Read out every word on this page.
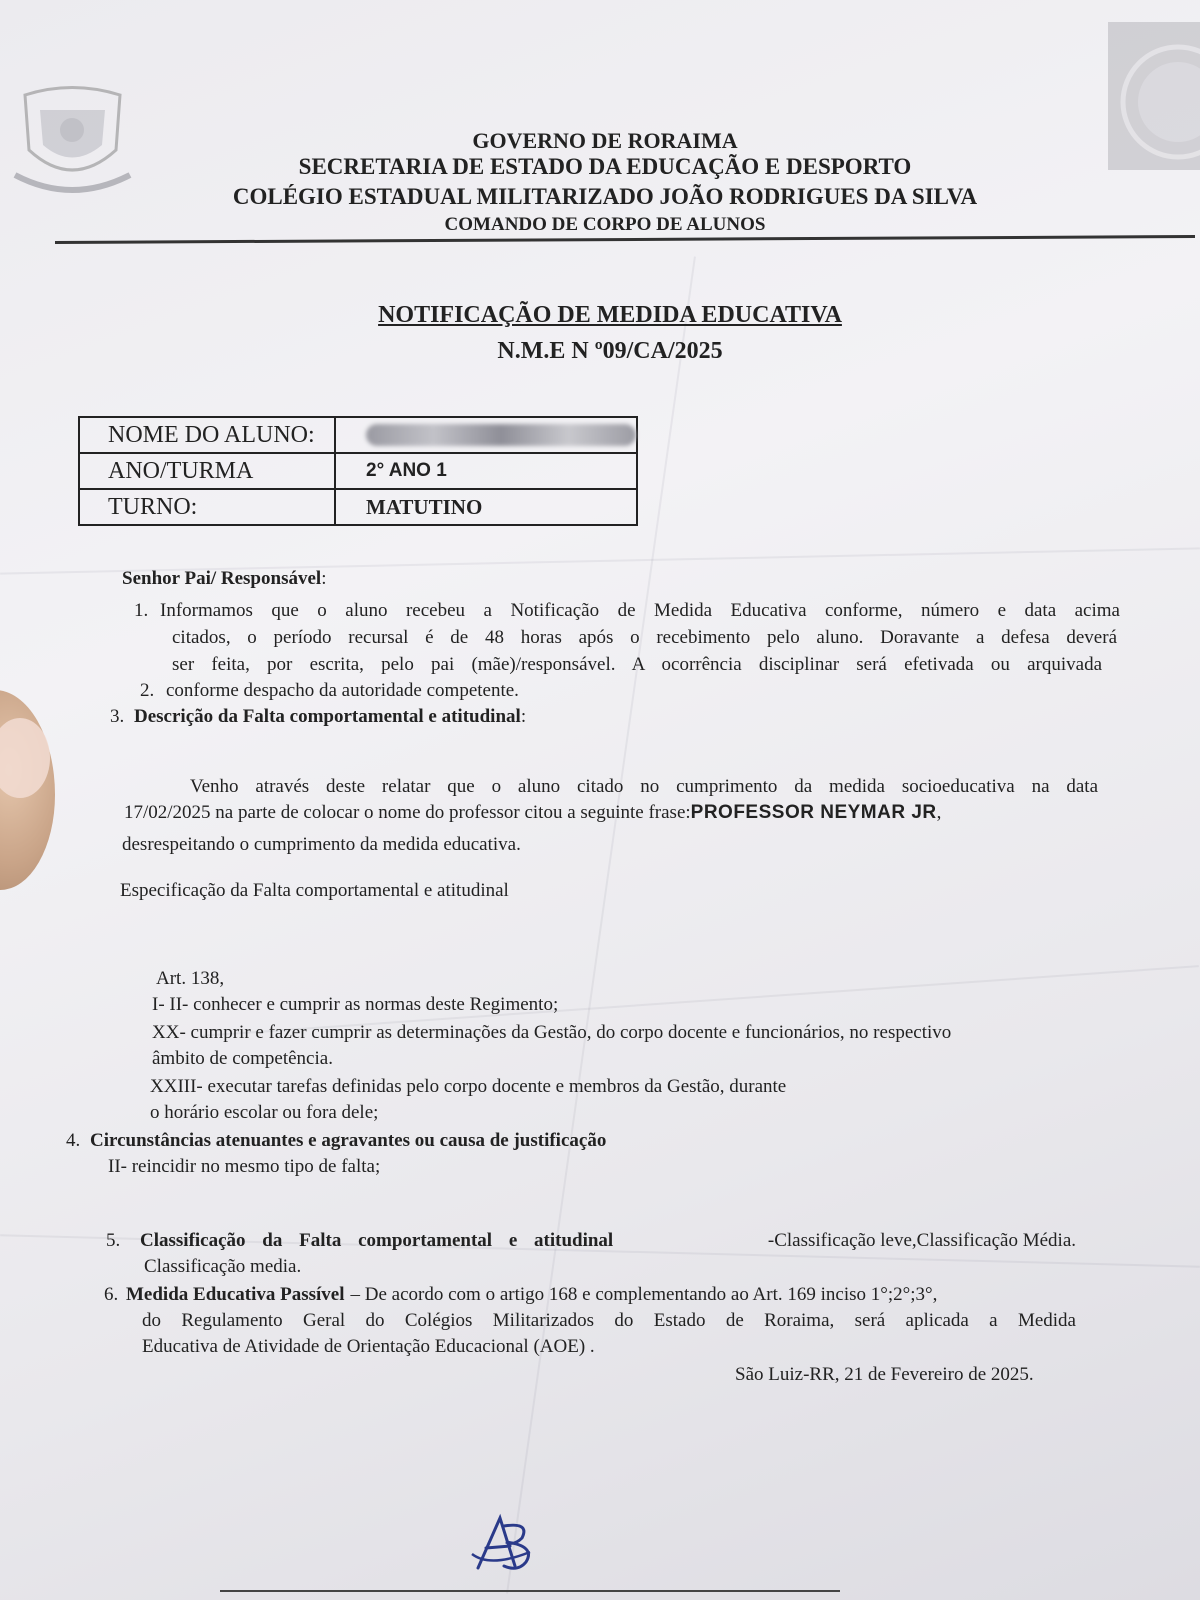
GOVERNO DE RORAIMA
SECRETARIA DE ESTADO DA EDUCAÇÃO E DESPORTO
COLÉGIO ESTADUAL MILITARIZADO JOÃO RODRIGUES DA SILVA
COMANDO DE CORPO DE ALUNOS
NOTIFICAÇÃO DE MEDIDA EDUCATIVA
N.M.E N º09/CA/2025
NOME DO ALUNO:	
ANO/TURMA	2° ANO 1
TURNO:	MATUTINO
Senhor Pai/ Responsável:
1. Informamos que o aluno recebeu a Notificação de Medida Educativa conforme, número e data acima
citados, o período recursal é de 48 horas após o recebimento pelo aluno. Doravante a defesa deverá
ser feita, por escrita, pelo pai (mãe)/responsável. A ocorrência disciplinar será efetivada ou arquivada
2. conforme despacho da autoridade competente.
3. Descrição da Falta comportamental e atitudinal:
Venho através deste relatar que o aluno citado no cumprimento da medida socioeducativa na data
17/02/2025 na parte de colocar o nome do professor citou a seguinte frase:PROFESSOR NEYMAR JR,
desrespeitando o cumprimento da medida educativa.
Especificação da Falta comportamental e atitudinal
Art. 138,
I- II- conhecer e cumprir as normas deste Regimento;
XX- cumprir e fazer cumprir as determinações da Gestão, do corpo docente e funcionários, no respectivo
âmbito de competência.
XXIII- executar tarefas definidas pelo corpo docente e membros da Gestão, durante
o horário escolar ou fora dele;
4. Circunstâncias atenuantes e agravantes ou causa de justificação
II- reincidir no mesmo tipo de falta;
5. Classificação da Falta comportamental e atitudinal	-Classificação leve,Classificação Média.
Classificação media.
6. Medida Educativa Passível – De acordo com o artigo 168 e complementando ao Art. 169 inciso 1°;2°;3°,
do Regulamento Geral do Colégios Militarizados do Estado de Roraima, será aplicada a Medida
Educativa de Atividade de Orientação Educacional (AOE) .
São Luiz-RR, 21 de Fevereiro de 2025.
